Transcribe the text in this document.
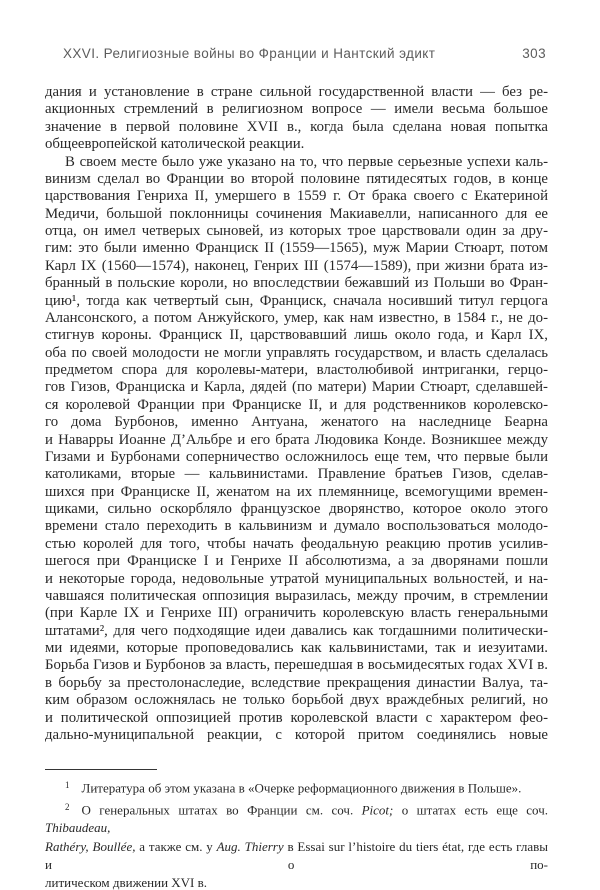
XXVI. Религиозные войны во Франции и Нантский эдикт	303
дания и установление в стране сильной государственной власти — без ре-
акционных стремлений в религиозном вопросе — имели весьма большое
значение в первой половине XVII в., когда была сделана новая попытка
общеевропейской католической реакции.
В своем месте было уже указано на то, что первые серьезные успехи каль-
винизм сделал во Франции во второй половине пятидесятых годов, в конце
царствования Генриха II, умершего в 1559 г. От брака своего с Екатериной
Медичи, большой поклонницы сочинения Макиавелли, написанного для ее
отца, он имел четверых сыновей, из которых трое царствовали один за дру-
гим: это были именно Франциск II (1559—1565), муж Марии Стюарт, потом
Карл IX (1560—1574), наконец, Генрих III (1574—1589), при жизни брата из-
бранный в польские короли, но впоследствии бежавший из Польши во Фран-
цию¹, тогда как четвертый сын, Франциск, сначала носивший титул герцога
Алансонского, а потом Анжуйского, умер, как нам известно, в 1584 г., не до-
стигнув короны. Франциск II, царствовавший лишь около года, и Карл IX,
оба по своей молодости не могли управлять государством, и власть сделалась
предметом спора для королевы-матери, властолюбивой интриганки, герцо-
гов Гизов, Франциска и Карла, дядей (по матери) Марии Стюарт, сделавшей-
ся королевой Франции при Франциске II, и для родственников королевско-
го дома Бурбонов, именно Антуана, женатого на наследнице Беарна
и Наварры Иоанне Д’Альбре и его брата Людовика Конде. Возникшее между
Гизами и Бурбонами соперничество осложнилось еще тем, что первые были
католиками, вторые — кальвинистами. Правление братьев Гизов, сделав-
шихся при Франциске II, женатом на их племяннице, всемогущими времен-
щиками, сильно оскорбляло французское дворянство, которое около этого
времени стало переходить в кальвинизм и думало воспользоваться молодо-
стью королей для того, чтобы начать феодальную реакцию против усилив-
шегося при Франциске I и Генрихе II абсолютизма, а за дворянами пошли
и некоторые города, недовольные утратой муниципальных вольностей, и на-
чавшаяся политическая оппозиция выразилась, между прочим, в стремлении
(при Карле IX и Генрихе III) ограничить королевскую власть генеральными
штатами², для чего подходящие идеи давались как тогдашними политически-
ми идеями, которые проповедовались как кальвинистами, так и иезуитами.
Борьба Гизов и Бурбонов за власть, перешедшая в восьмидесятых годах XVI в.
в борьбу за престолонаследие, вследствие прекращения династии Валуа, та-
ким образом осложнялась не только борьбой двух враждебных религий, но
и политической оппозицией против королевской власти с характером фео-
дально-муниципальной реакции, с которой притом соединялись новые
$^1$ Литература об этом указана в «Очерке реформационного движения в Польше».
$^2$ О генеральных штатах во Франции см. соч. Picot; о штатах есть еще соч. Thibaudeau,
Rathéry, Boullée, а также см. у Aug. Thierry в Essai sur l’histoire du tiers état, где есть главы и о по-
литическом движении XVI в.
